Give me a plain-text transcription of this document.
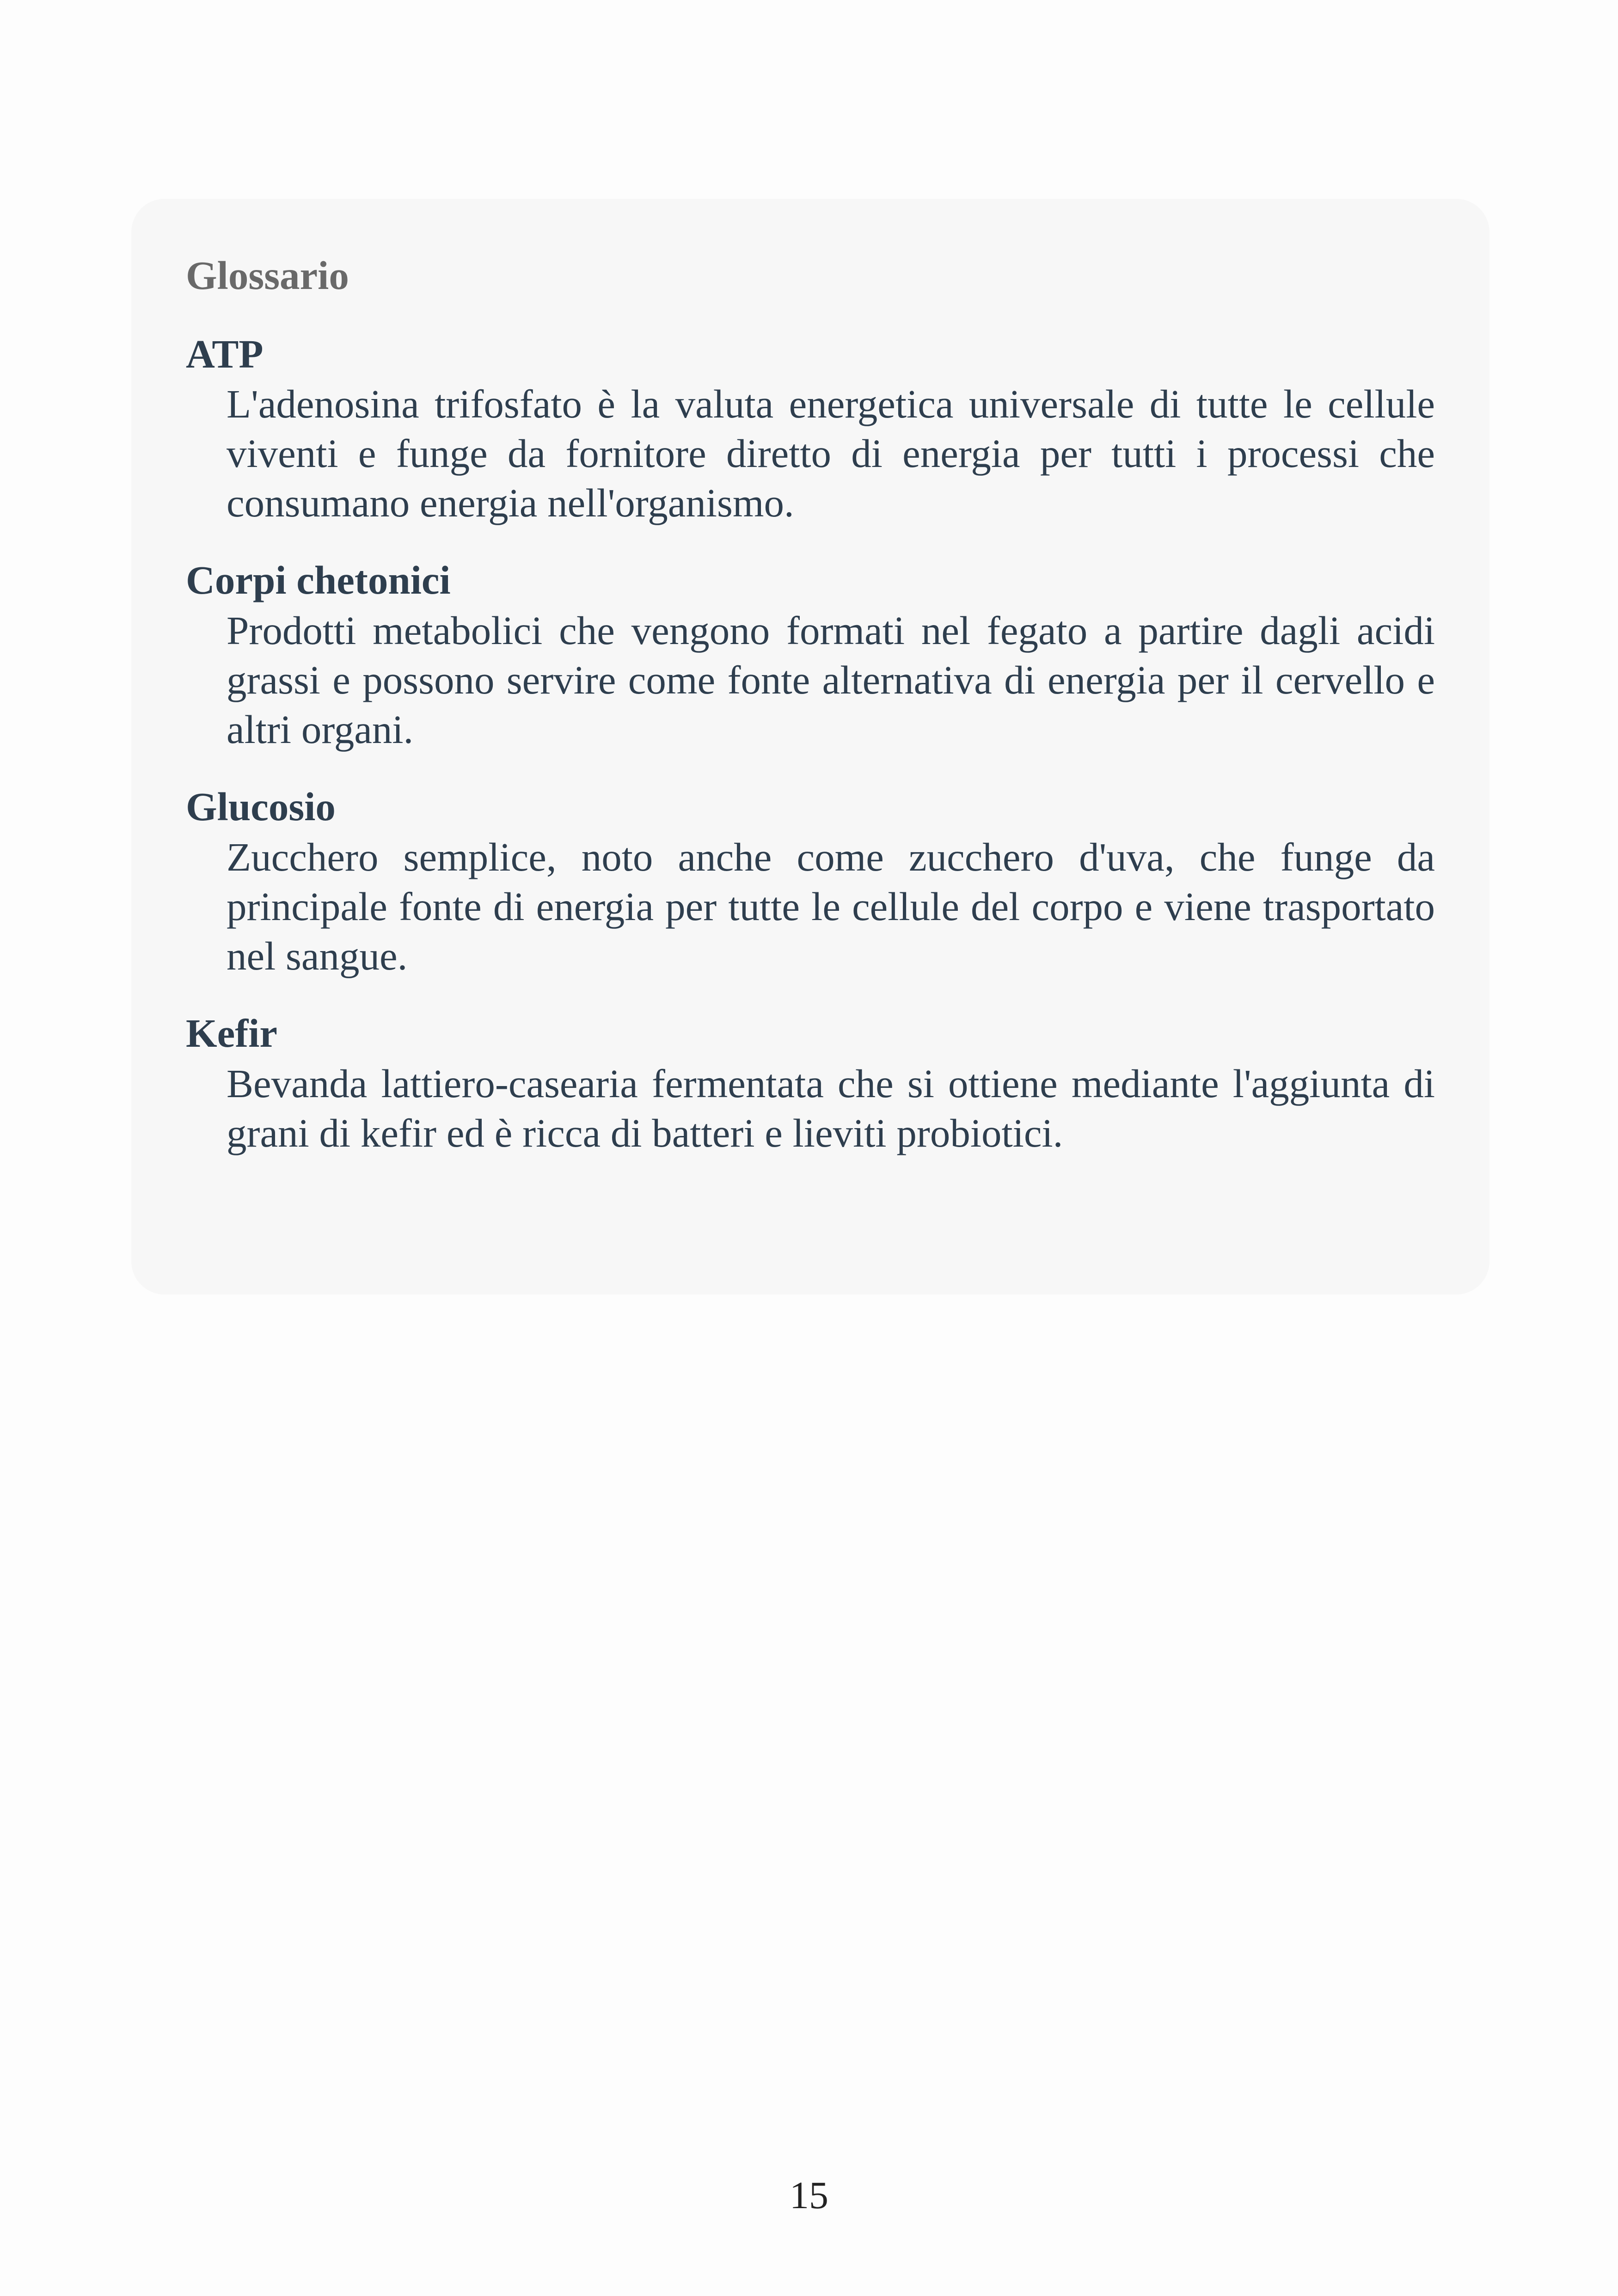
Glossario
ATP
L'adenosina trifosfato è la valuta energetica universale di tutte le cellule viventi e funge da fornitore diretto di energia per tutti i processi che consumano energia nell'organismo.
Corpi chetonici
Prodotti metabolici che vengono formati nel fegato a partire dagli acidi grassi e possono servire come fonte alternativa di energia per il cervello e altri organi.
Glucosio
Zucchero semplice, noto anche come zucchero d'uva, che funge da principale fonte di energia per tutte le cellule del corpo e viene trasportato nel sangue.
Kefir
Bevanda lattiero-casearia fermentata che si ottiene mediante l'aggiunta di grani di kefir ed è ricca di batteri e lieviti probiotici.
15
